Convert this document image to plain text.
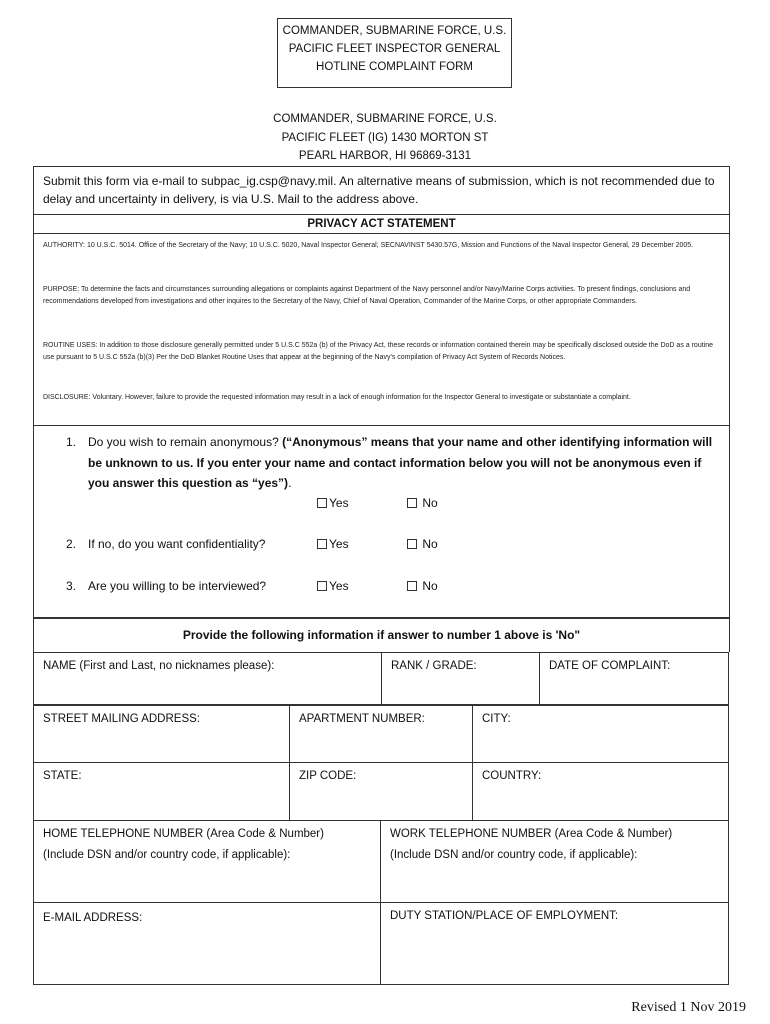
COMMANDER, SUBMARINE FORCE, U.S.
PACIFIC FLEET INSPECTOR GENERAL
HOTLINE COMPLAINT FORM
COMMANDER, SUBMARINE FORCE, U.S.
PACIFIC FLEET (IG) 1430 MORTON ST
PEARL HARBOR, HI 96869-3131
Submit this form via e-mail to subpac_ig.csp@navy.mil. An alternative means of submission, which is not recommended due to delay and uncertainty in delivery, is via U.S. Mail to the address above.
PRIVACY ACT STATEMENT
AUTHORITY: 10 U.S.C. 5014. Office of the Secretary of the Navy; 10 U.S.C. 5020, Naval Inspector General; SECNAVINST 5430.57G, Mission and Functions of the Naval Inspector General, 29 December 2005.
PURPOSE: To determine the facts and circumstances surrounding allegations or complaints against Department of the Navy personnel and/or Navy/Marine Corps activities. To present findings, conclusions and recommendations developed from investigations and other inquires to the Secretary of the Navy, Chief of Naval Operation, Commander of the Marine Corps, or other appropriate Commanders.
ROUTINE USES: In addition to those disclosure generally permitted under 5 U.S.C 552a (b) of the Privacy Act, these records or information contained therein may be specifically disclosed outside the DoD as a routine use pursuant to 5 U.S.C 552a (b)(3) Per the DoD Blanket Routine Uses that appear at the beginning of the Navy's compilation of Privacy Act System of Records Notices.
DISCLOSURE: Voluntary. However, failure to provide the requested information may result in a lack of enough information for the Inspector General to investigate or substantiate a complaint.
1. Do you wish to remain anonymous? (“Anonymous” means that your name and other identifying information will be unknown to us. If you enter your name and contact information below you will not be anonymous even if you answer this question as “yes”).
Yes	No
2. If no, do you want confidentiality?	Yes	No
3. Are you willing to be interviewed?	Yes	No
Provide the following information if answer to number 1 above is 'No"
NAME (First and Last, no nicknames please):	RANK / GRADE:	DATE OF COMPLAINT:
STREET MAILING ADDRESS:	APARTMENT NUMBER:	CITY:
STATE:	ZIP CODE:	COUNTRY:
HOME TELEPHONE NUMBER (Area Code & Number)
(Include DSN and/or country code, if applicable):
WORK TELEPHONE NUMBER (Area Code & Number)
(Include DSN and/or country code, if applicable):
E-MAIL ADDRESS:	DUTY STATION/PLACE OF EMPLOYMENT:
Revised 1 Nov 2019
